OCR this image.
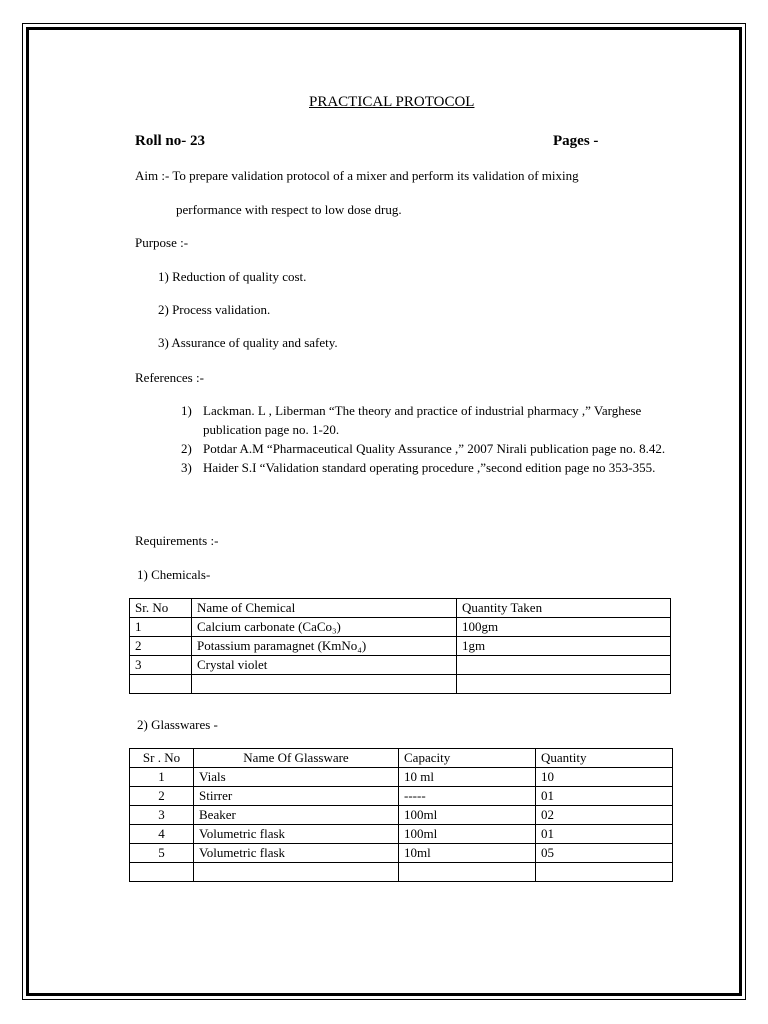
PRACTICAL PROTOCOL
Roll no- 23	Pages -
Aim :- To prepare validation protocol of a mixer and perform its validation of mixing
performance with respect to low dose drug.
Purpose :-
1) Reduction of quality cost.
2) Process validation.
3) Assurance of quality and safety.
References :-
1) Lackman. L , Liberman “The theory and practice of industrial pharmacy ,” Varghese publication page no. 1-20.
2) Potdar A.M “Pharmaceutical Quality Assurance ,” 2007 Nirali publication page no. 8.42.
3) Haider S.I “Validation standard operating procedure ,”second edition page no 353-355.
Requirements :-
1) Chemicals-
Sr. No	Name of Chemical	Quantity Taken
1	Calcium carbonate (CaCo₃)	100gm
2	Potassium paramagnet (KmNo₄)	1gm
3	Crystal violet	

2) Glasswares -
Sr . No	Name Of Glassware	Capacity	Quantity
1	Vials	10 ml	10
2	Stirrer	-----	01
3	Beaker	100ml	02
4	Volumetric flask	100ml	01
5	Volumetric flask	10ml	05
